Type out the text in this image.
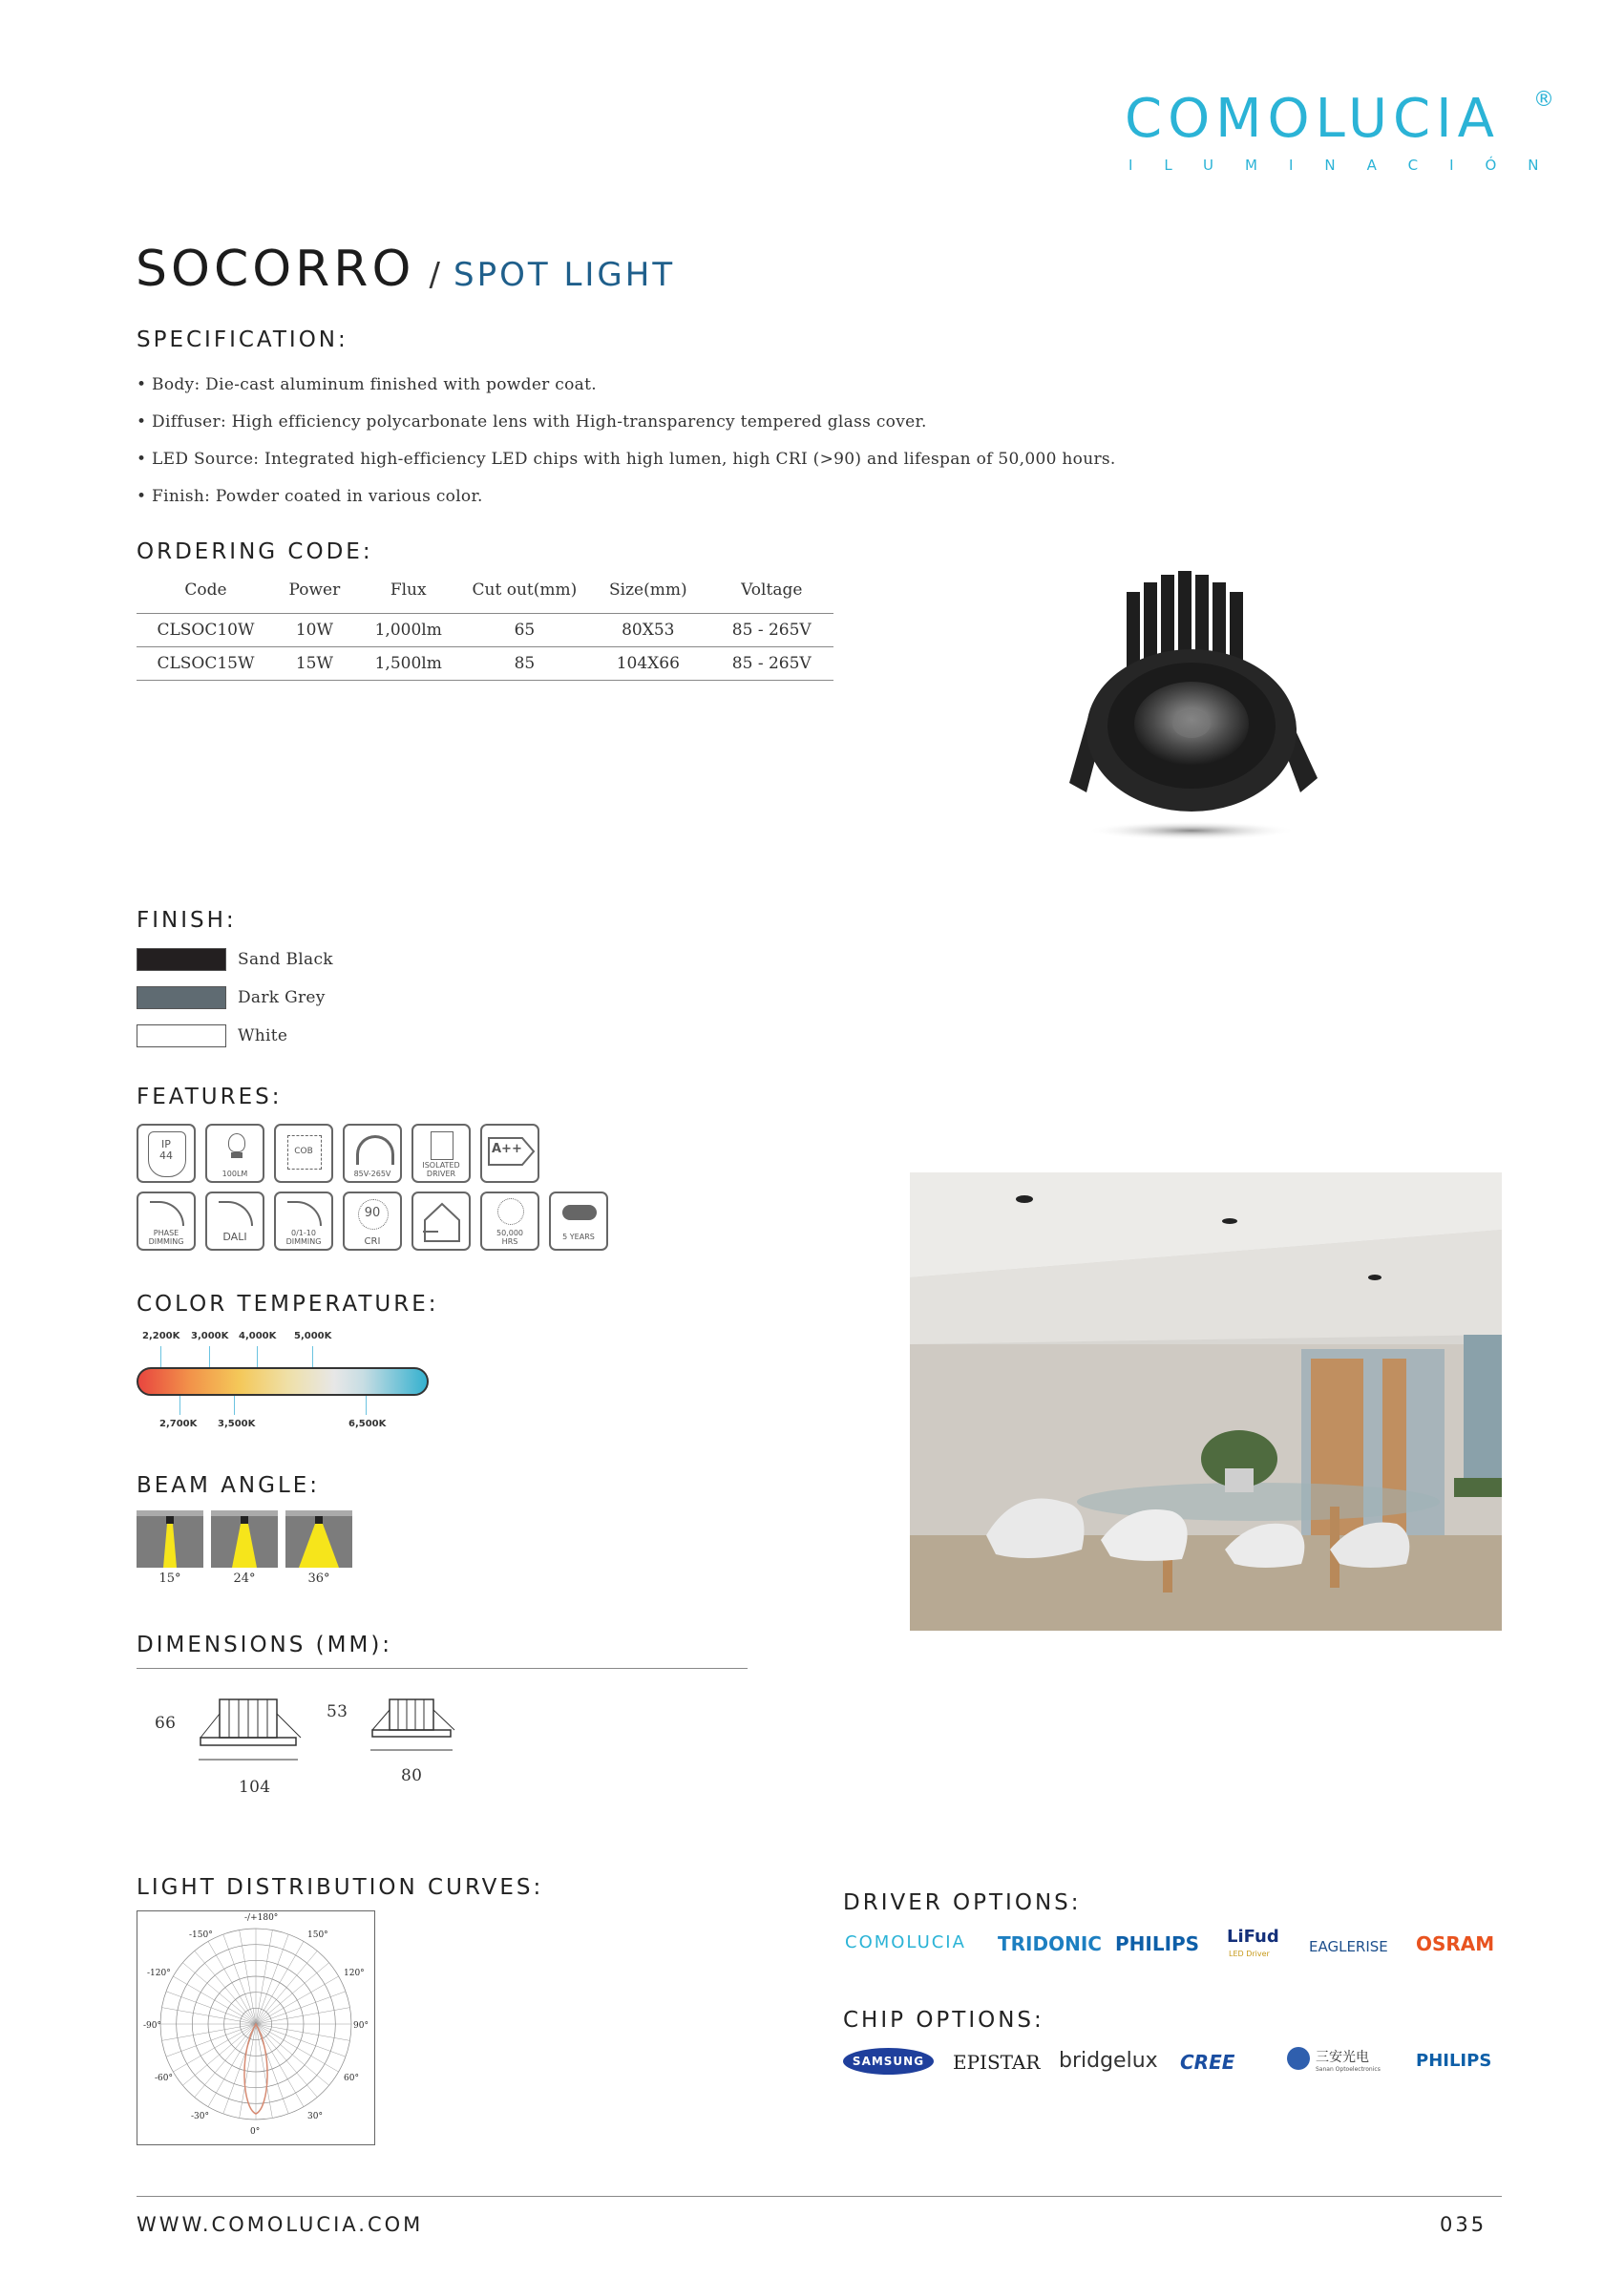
COMOLUCIA ®
ILUMINACIÓN
SOCORRO / SPOT LIGHT
SPECIFICATION:
• Body: Die-cast aluminum finished with powder coat.
• Diffuser: High efficiency polycarbonate lens with High-transparency tempered glass cover.
• LED Source: Integrated high-efficiency LED chips with high lumen, high CRI (>90) and lifespan of 50,000 hours.
• Finish: Powder coated in various color.
ORDERING CODE:
Code	Power	Flux	Cut out(mm)	Size(mm)	Voltage
CLSOC10W	10W	1,000lm	65	80X53	85 - 265V
CLSOC15W	15W	1,500lm	85	104X66	85 - 265V
FINISH:
Sand Black
Dark Grey
White
FEATURES:
IP 44
100LM
COB
85V-265V
ISOLATED DRIVER
A++
PHASE DIMMING	DALI	0/1-10 DIMMING
90
CRI
50,000 HRS
5 YEARS
COLOR TEMPERATURE:
2,200K 3,000K 4,000K 5,000K
2,700K 3,500K	6,500K
BEAM ANGLE:
15°	24°	36°
DIMENSIONS (MM):
66
104
53
80
LIGHT DISTRIBUTION CURVES:
-/+180°
-150°	150°
-120°	120°
-90°	90°
-60°	60°
-30°	30°
0°
DRIVER OPTIONS:
COMOLUCIA TRIDONIC PHILIPS LiFud
LED Driver	EAGLERISE OSRAM
CHIP OPTIONS:
SAMSUNG	EPISTAR bridgelux CREE	三安光电
Sanan Optoelectronics PHILIPS
WWW.COMOLUCIA.COM	035
